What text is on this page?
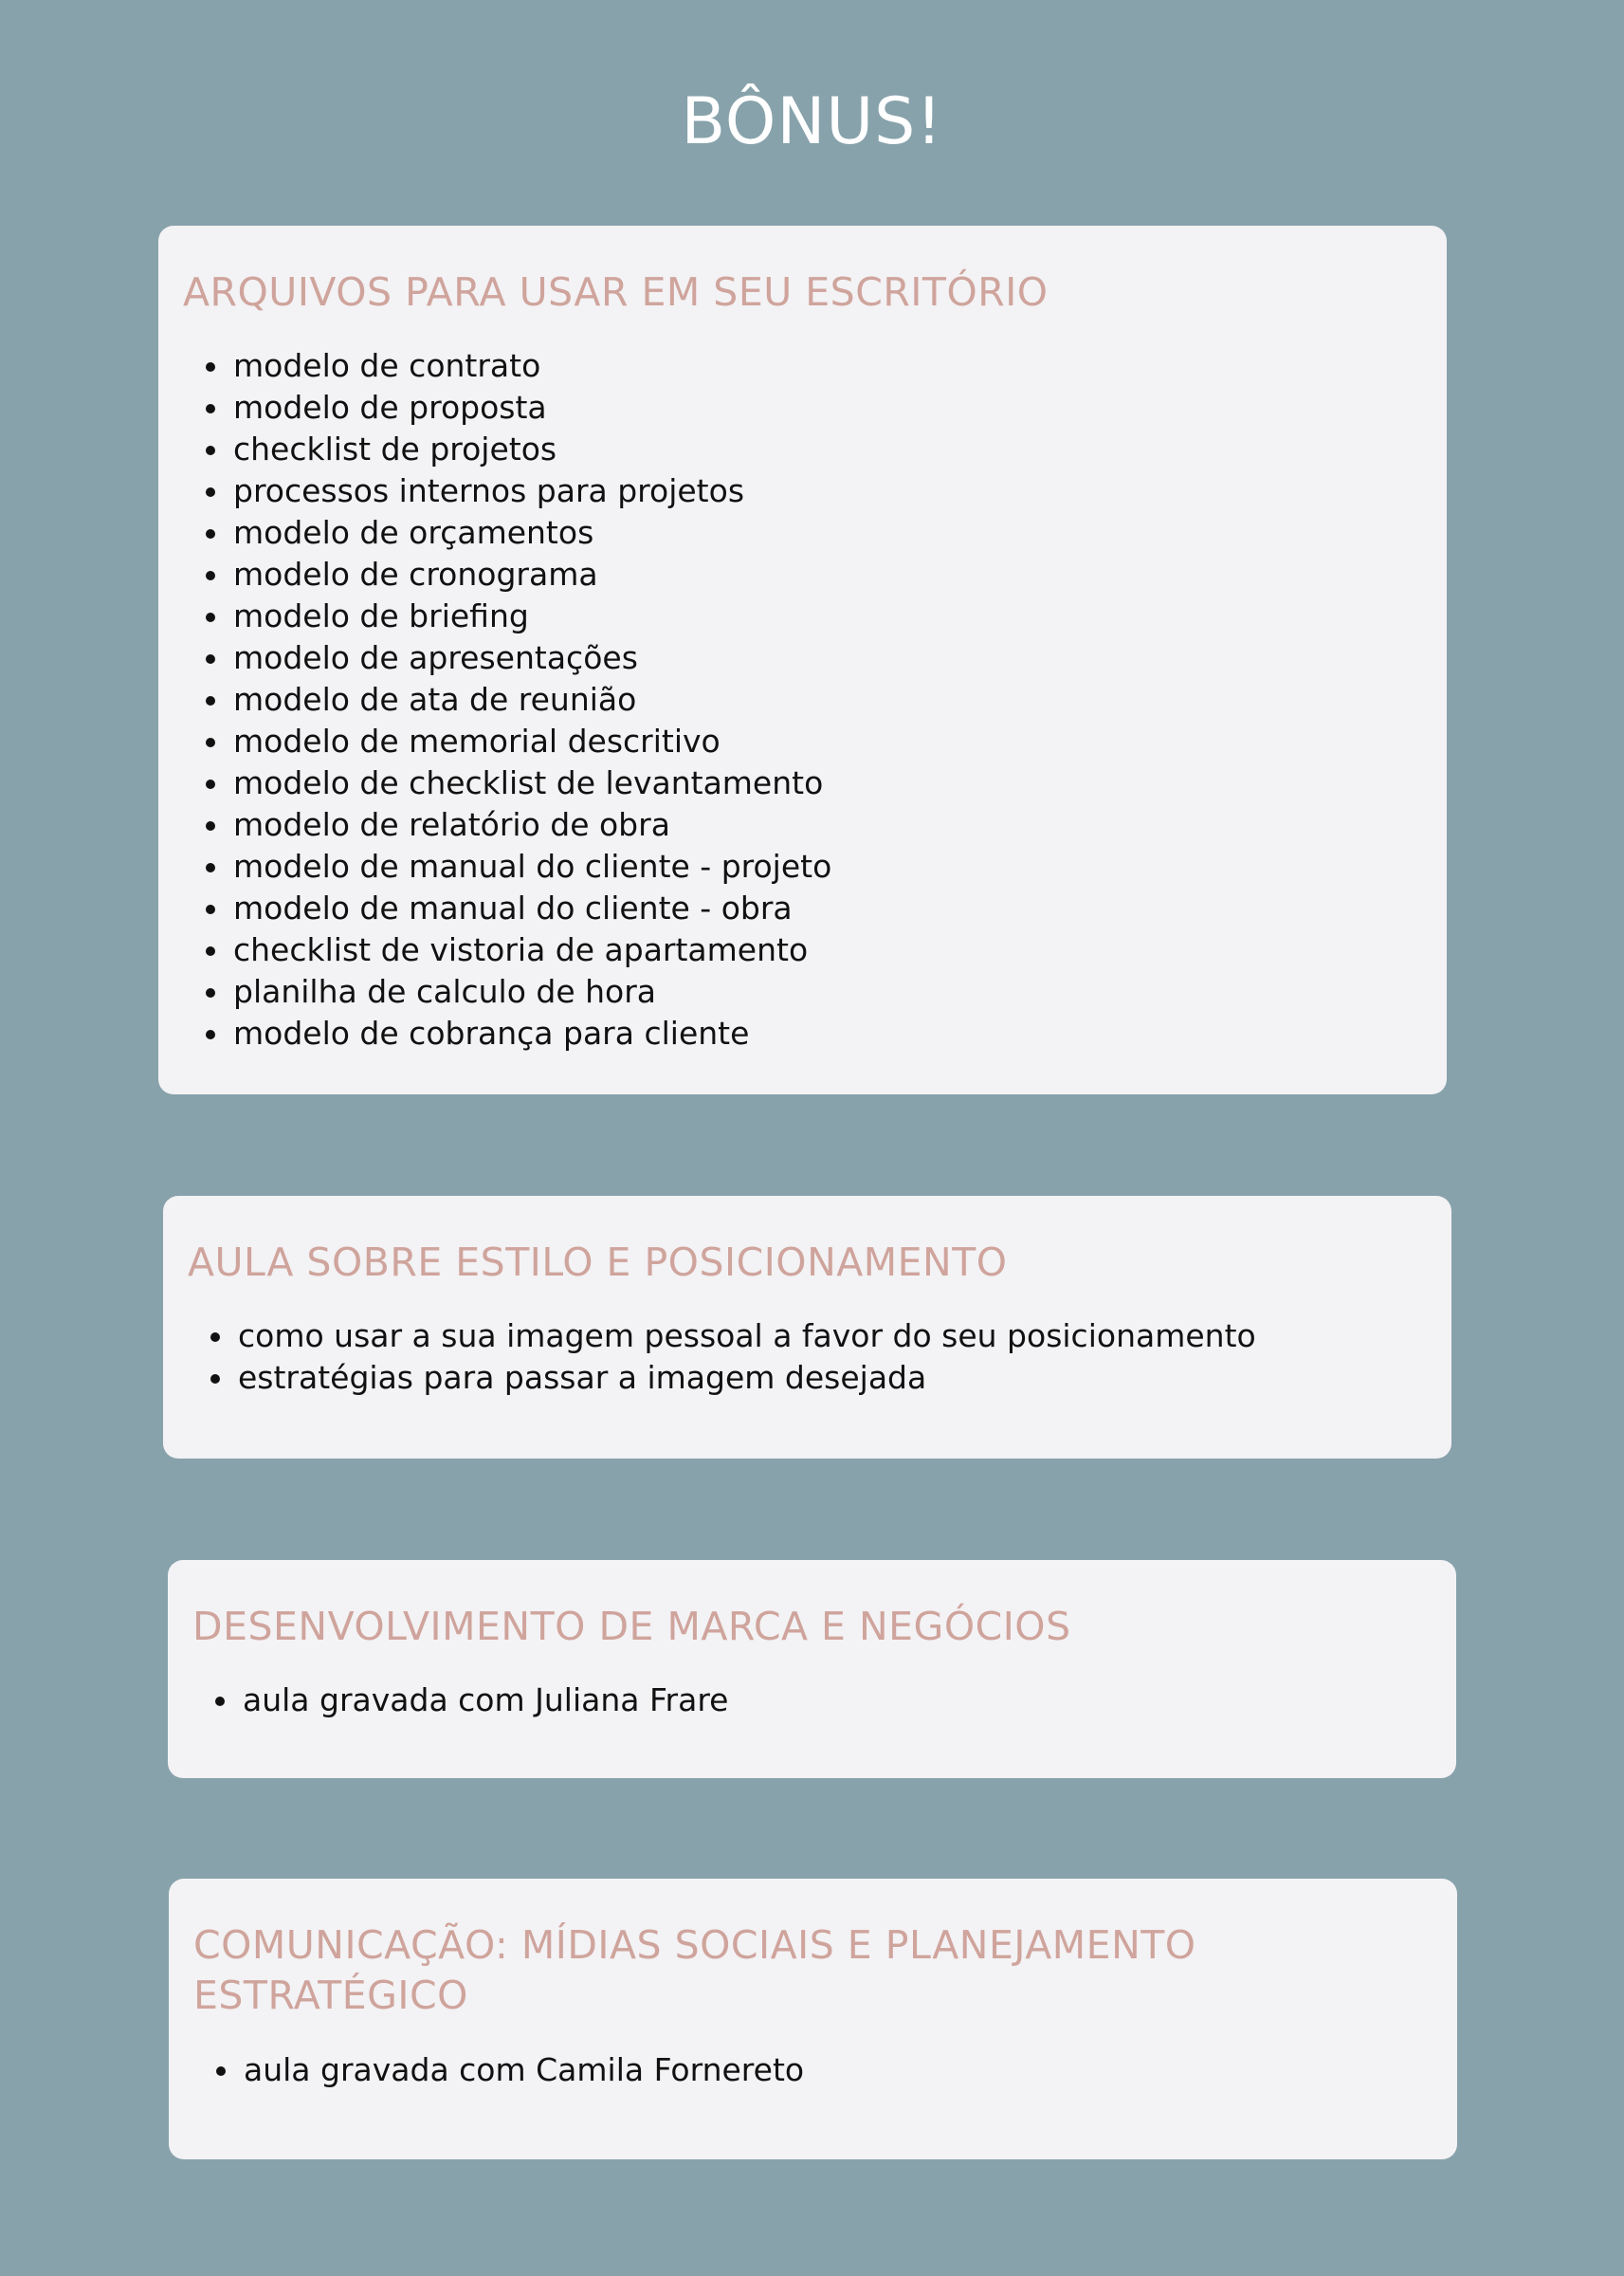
BÔNUS!
ARQUIVOS PARA USAR EM SEU ESCRITÓRIO
modelo de contrato
modelo de proposta
checklist de projetos
processos internos para projetos
modelo de orçamentos
modelo de cronograma
modelo de briefing
modelo de apresentações
modelo de ata de reunião
modelo de memorial descritivo
modelo de checklist de levantamento
modelo de relatório de obra
modelo de manual do cliente - projeto
modelo de manual do cliente - obra
checklist de vistoria de apartamento
planilha de calculo de hora
modelo de cobrança para cliente
AULA SOBRE ESTILO E POSICIONAMENTO
como usar a sua imagem pessoal a favor do seu posicionamento
estratégias para passar a imagem desejada
DESENVOLVIMENTO DE MARCA E NEGÓCIOS
aula gravada com Juliana Frare
COMUNICAÇÃO: MÍDIAS SOCIAIS E PLANEJAMENTO
ESTRATÉGICO
aula gravada com Camila Fornereto
